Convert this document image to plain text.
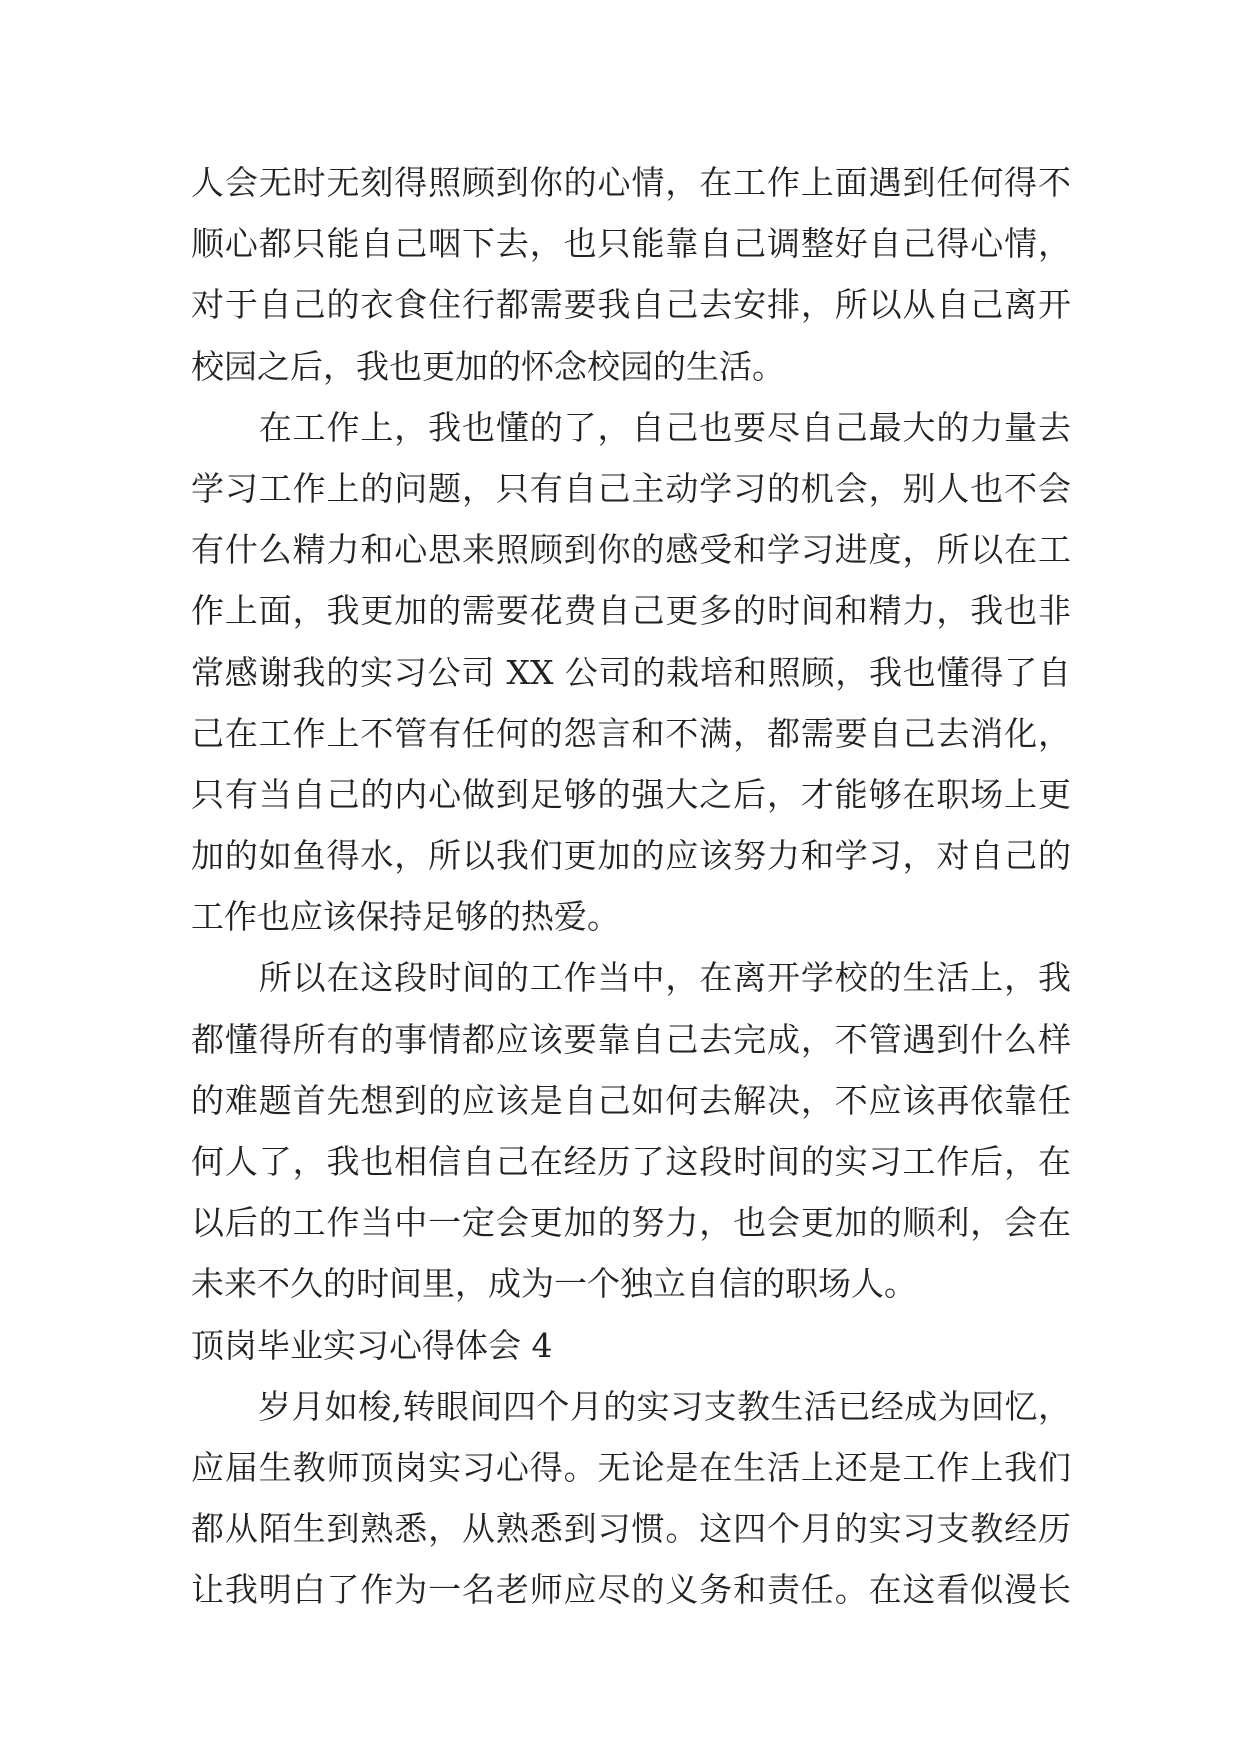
人会无时无刻得照顾到你的心情，在工作上面遇到任何得不
顺心都只能自己咽下去，也只能靠自己调整好自己得心情，
对于自己的衣食住行都需要我自己去安排，所以从自己离开
校园之后，我也更加的怀念校园的生活。
　　在工作上，我也懂的了，自己也要尽自己最大的力量去
学习工作上的问题，只有自己主动学习的机会，别人也不会
有什么精力和心思来照顾到你的感受和学习进度，所以在工
作上面，我更加的需要花费自己更多的时间和精力，我也非
常感谢我的实习公司 XX 公司的栽培和照顾，我也懂得了自
己在工作上不管有任何的怨言和不满，都需要自己去消化，
只有当自己的内心做到足够的强大之后，才能够在职场上更
加的如鱼得水，所以我们更加的应该努力和学习，对自己的
工作也应该保持足够的热爱。
　　所以在这段时间的工作当中，在离开学校的生活上，我
都懂得所有的事情都应该要靠自己去完成，不管遇到什么样
的难题首先想到的应该是自己如何去解决，不应该再依靠任
何人了，我也相信自己在经历了这段时间的实习工作后，在
以后的工作当中一定会更加的努力，也会更加的顺利，会在
未来不久的时间里，成为一个独立自信的职场人。
顶岗毕业实习心得体会 4
　　岁月如梭,转眼间四个月的实习支教生活已经成为回忆，
应届生教师顶岗实习心得。无论是在生活上还是工作上我们
都从陌生到熟悉，从熟悉到习惯。这四个月的实习支教经历
让我明白了作为一名老师应尽的义务和责任。在这看似漫长
